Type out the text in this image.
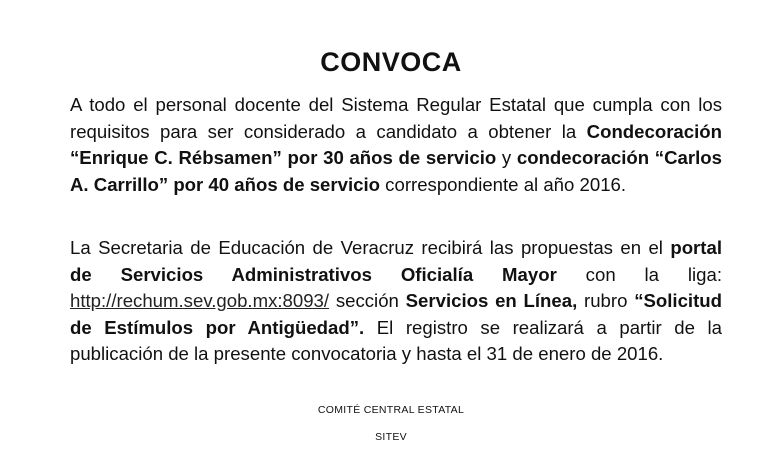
CONVOCA

A todo el personal docente del Sistema Regular Estatal que cumpla con los requisitos para ser considerado a candidato a obtener la Condecoración “Enrique C. Rébsamen” por 30 años de servicio y condecoración “Carlos A. Carrillo” por 40 años de servicio correspondiente al año 2016.

La Secretaria de Educación de Veracruz recibirá las propuestas en el portal de Servicios Administrativos Oficialía Mayor con la liga: http://rechum.sev.gob.mx:8093/ sección Servicios en Línea, rubro “Solicitud de Estímulos por Antigüedad”. El registro se realizará a partir de la publicación de la presente convocatoria y hasta el 31 de enero de 2016.

COMITÉ CENTRAL ESTATAL

SITEV
